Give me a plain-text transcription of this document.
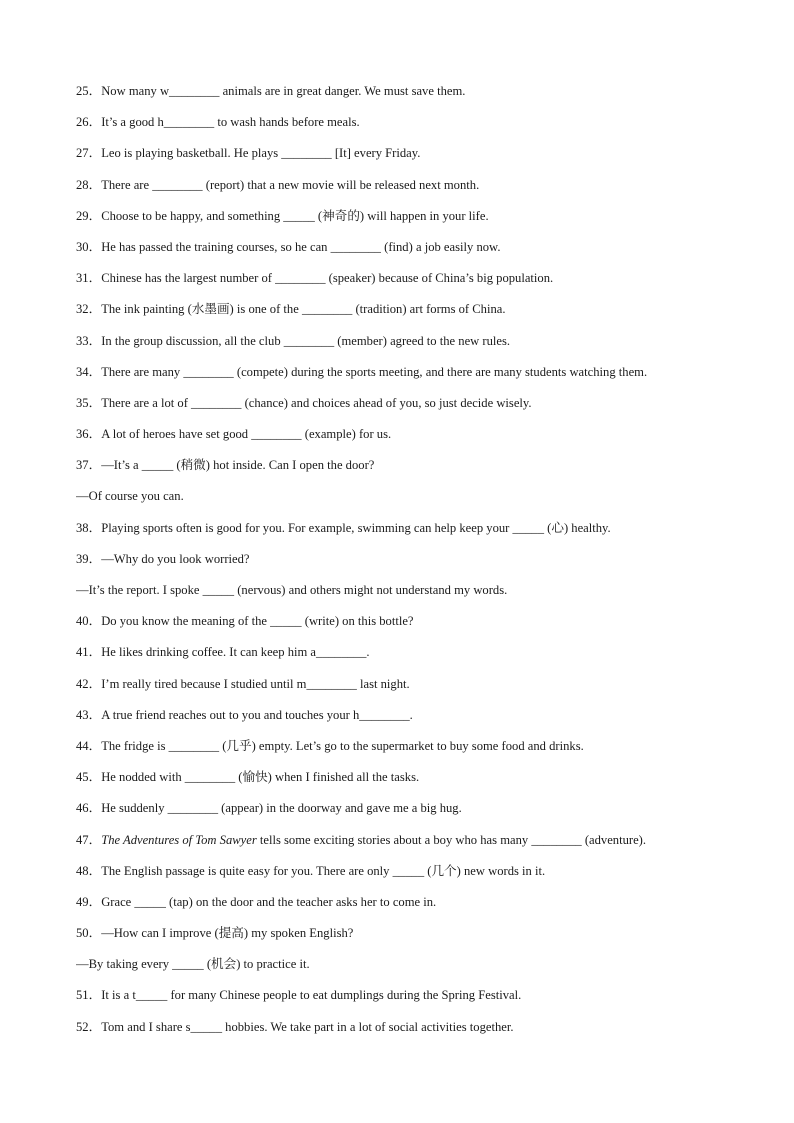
25．Now many w________ animals are in great danger. We must save them.
26．It’s a good h________ to wash hands before meals.
27．Leo is playing basketball. He plays ________ [It] every Friday.
28．There are ________ (report) that a new movie will be released next month.
29．Choose to be happy, and something _____ (神奇的) will happen in your life.
30．He has passed the training courses, so he can ________ (find) a job easily now.
31．Chinese has the largest number of ________ (speaker) because of China’s big population.
32．The ink painting (水墨画) is one of the ________ (tradition) art forms of China.
33．In the group discussion, all the club ________ (member) agreed to the new rules.
34．There are many ________ (compete) during the sports meeting, and there are many students watching them.
35．There are a lot of ________ (chance) and choices ahead of you, so just decide wisely.
36．A lot of heroes have set good ________ (example) for us.
37．—It’s a _____ (稍微) hot inside. Can I open the door?
—Of course you can.
38．Playing sports often is good for you. For example, swimming can help keep your _____ (心) healthy.
39．—Why do you look worried?
—It’s the report. I spoke _____ (nervous) and others might not understand my words.
40．Do you know the meaning of the _____ (write) on this bottle?
41．He likes drinking coffee. It can keep him a________.
42．I’m really tired because I studied until m________ last night.
43．A true friend reaches out to you and touches your h________.
44．The fridge is ________ (几乎) empty. Let’s go to the supermarket to buy some food and drinks.
45．He nodded with ________ (愉快) when I finished all the tasks.
46．He suddenly ________ (appear) in the doorway and gave me a big hug.
47．The Adventures of Tom Sawyer tells some exciting stories about a boy who has many ________ (adventure).
48．The English passage is quite easy for you. There are only _____ (几个) new words in it.
49．Grace _____ (tap) on the door and the teacher asks her to come in.
50．—How can I improve (提高) my spoken English?
—By taking every _____ (机会) to practice it.
51．It is a t_____ for many Chinese people to eat dumplings during the Spring Festival.
52．Tom and I share s_____ hobbies. We take part in a lot of social activities together.
